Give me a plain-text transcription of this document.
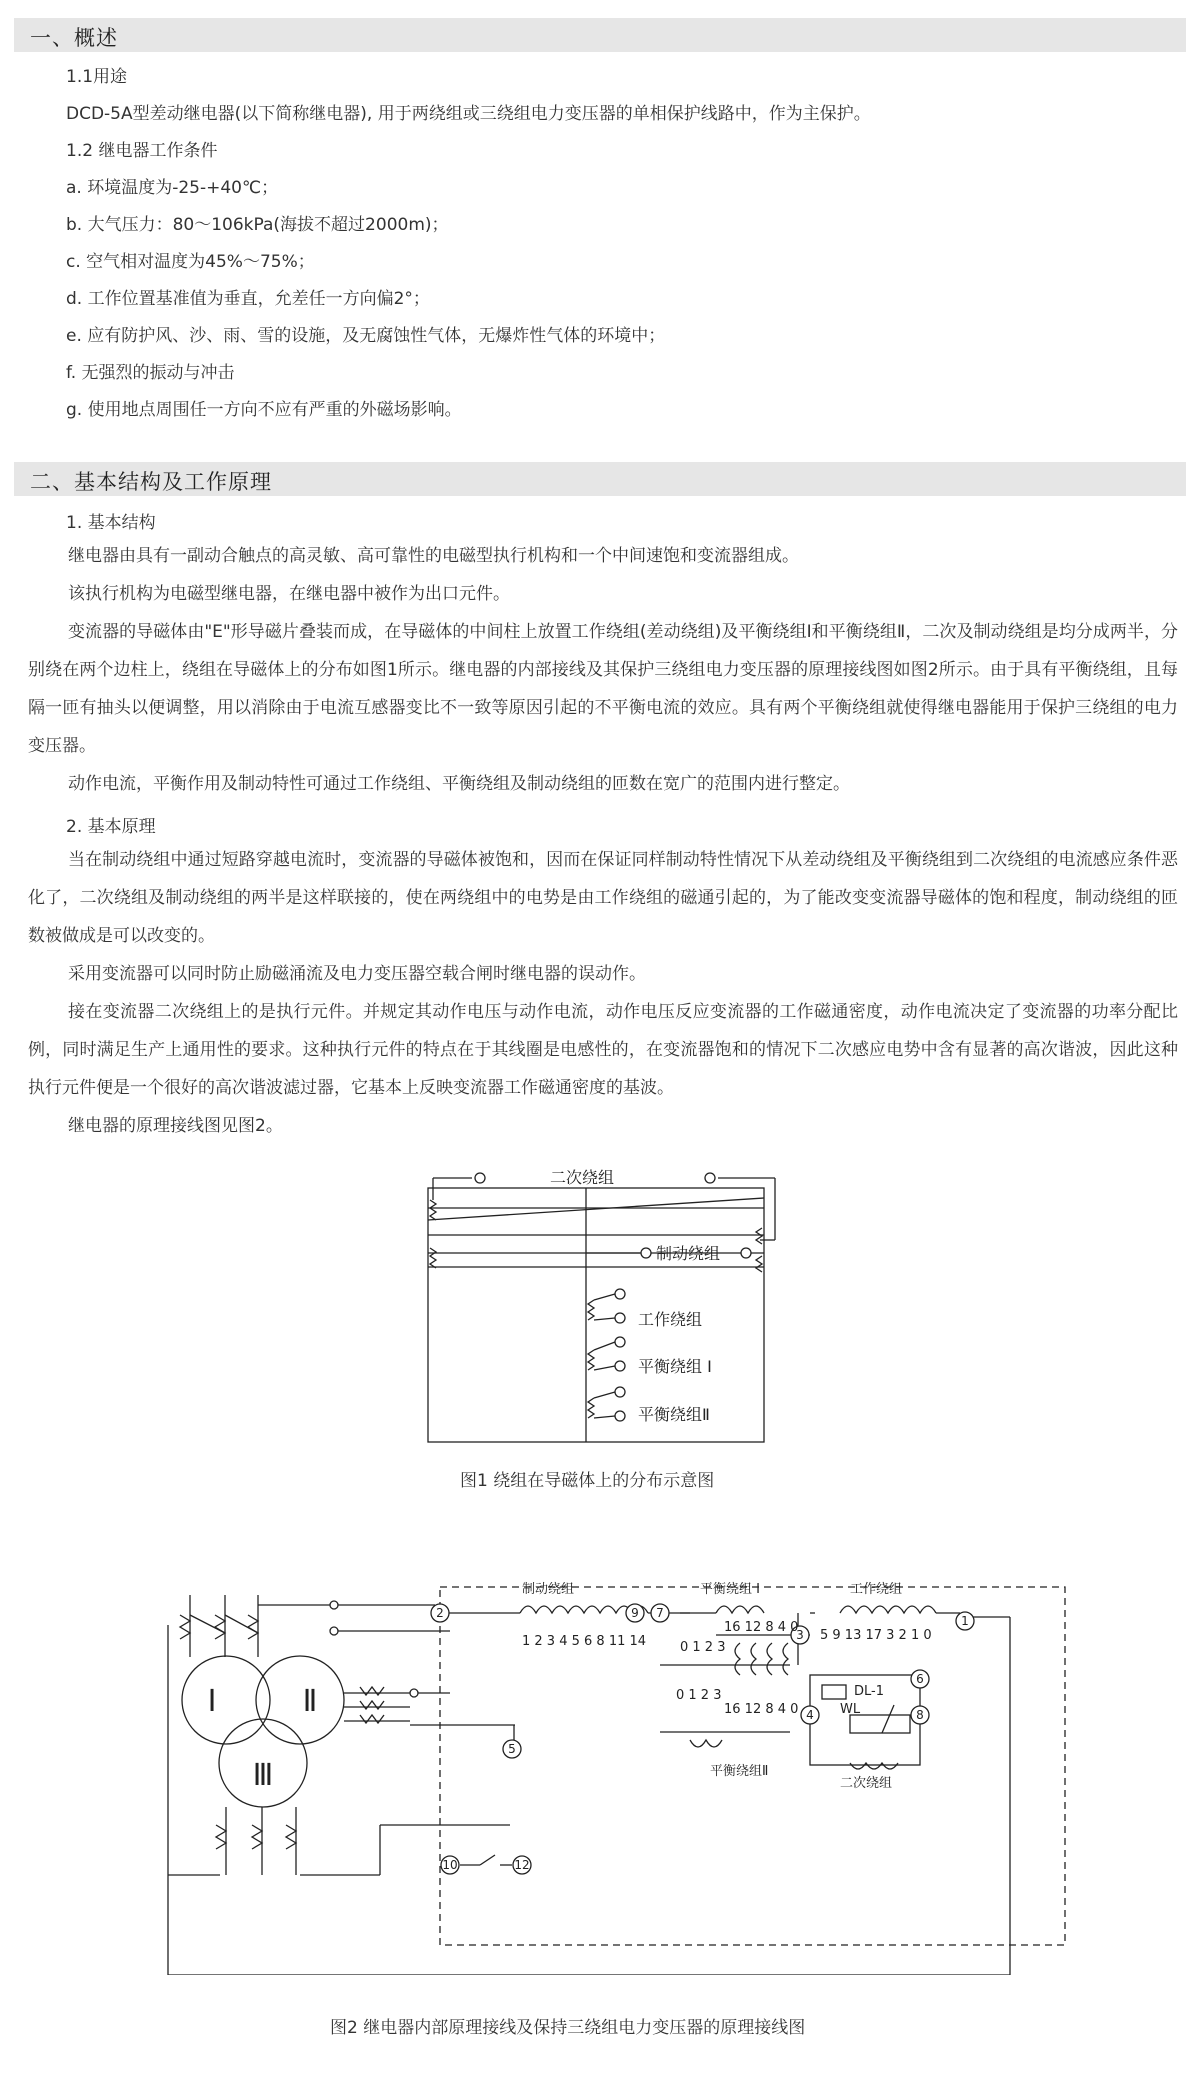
一、概述
1.1用途
DCD-5A型差动继电器(以下简称继电器), 用于两绕组或三绕组电力变压器的单相保护线路中，作为主保护。
1.2 继电器工作条件
a. 环境温度为-25-+40℃；
b. 大气压力：80～106kPa(海拔不超过2000m)；
c. 空气相对温度为45%～75%；
d. 工作位置基准值为垂直，允差任一方向偏2°；
e. 应有防护风、沙、雨、雪的设施，及无腐蚀性气体，无爆炸性气体的环境中；
f. 无强烈的振动与冲击
g. 使用地点周围任一方向不应有严重的外磁场影响。
二、基本结构及工作原理
1. 基本结构

继电器由具有一副动合触点的高灵敏、高可靠性的电磁型执行机构和一个中间速饱和变流器组成。

该执行机构为电磁型继电器，在继电器中被作为出口元件。

变流器的导磁体由"E"形导磁片叠装而成，在导磁体的中间柱上放置工作绕组(差动绕组)及平衡绕组Ⅰ和平衡绕组Ⅱ，二次及制动绕组是均分成两半，分别绕在两个边柱上，绕组在导磁体上的分布如图1所示。继电器的内部接线及其保护三绕组电力变压器的原理接线图如图2所示。由于具有平衡绕组，且每隔一匝有抽头以便调整，用以消除由于电流互感器变比不一致等原因引起的不平衡电流的效应。具有两个平衡绕组就使得继电器能用于保护三绕组的电力变压器。

动作电流，平衡作用及制动特性可通过工作绕组、平衡绕组及制动绕组的匝数在宽广的范围内进行整定。

2. 基本原理

当在制动绕组中通过短路穿越电流时，变流器的导磁体被饱和，因而在保证同样制动特性情况下从差动绕组及平衡绕组到二次绕组的电流感应条件恶化了，二次绕组及制动绕组的两半是这样联接的，使在两绕组中的电势是由工作绕组的磁通引起的，为了能改变变流器导磁体的饱和程度，制动绕组的匝数被做成是可以改变的。

采用变流器可以同时防止励磁涌流及电力变压器空载合闸时继电器的误动作。

接在变流器二次绕组上的是执行元件。并规定其动作电压与动作电流，动作电压反应变流器的工作磁通密度，动作电流决定了变流器的功率分配比例，同时满足生产上通用性的要求。这种执行元件的特点在于其线圈是电感性的，在变流器饱和的情况下二次感应电势中含有显著的高次谐波，因此这种执行元件便是一个很好的高次谐波滤过器，它基本上反映变流器工作磁通密度的基波。

继电器的原理接线图见图2。

二次绕组
制动绕组
工作绕组
平衡绕组 Ⅰ
平衡绕组Ⅱ
图1 绕组在导磁体上的分布示意图
2	9 7
3
1
5
4
6
8
10	12
Ⅰ	Ⅱ
Ⅲ
制动绕组
1 2 3 4 5 6 8 11 14
平衡绕组 Ⅰ
0 1 2 3
16 12 8 4 0
0 1 2 3
16 12 8 4 0
平衡绕组Ⅱ
工作绕组
5 9 13 17 3 2 1 0
DL-1
WL
二次绕组
图2 继电器内部原理接线及保持三绕组电力变压器的原理接线图
